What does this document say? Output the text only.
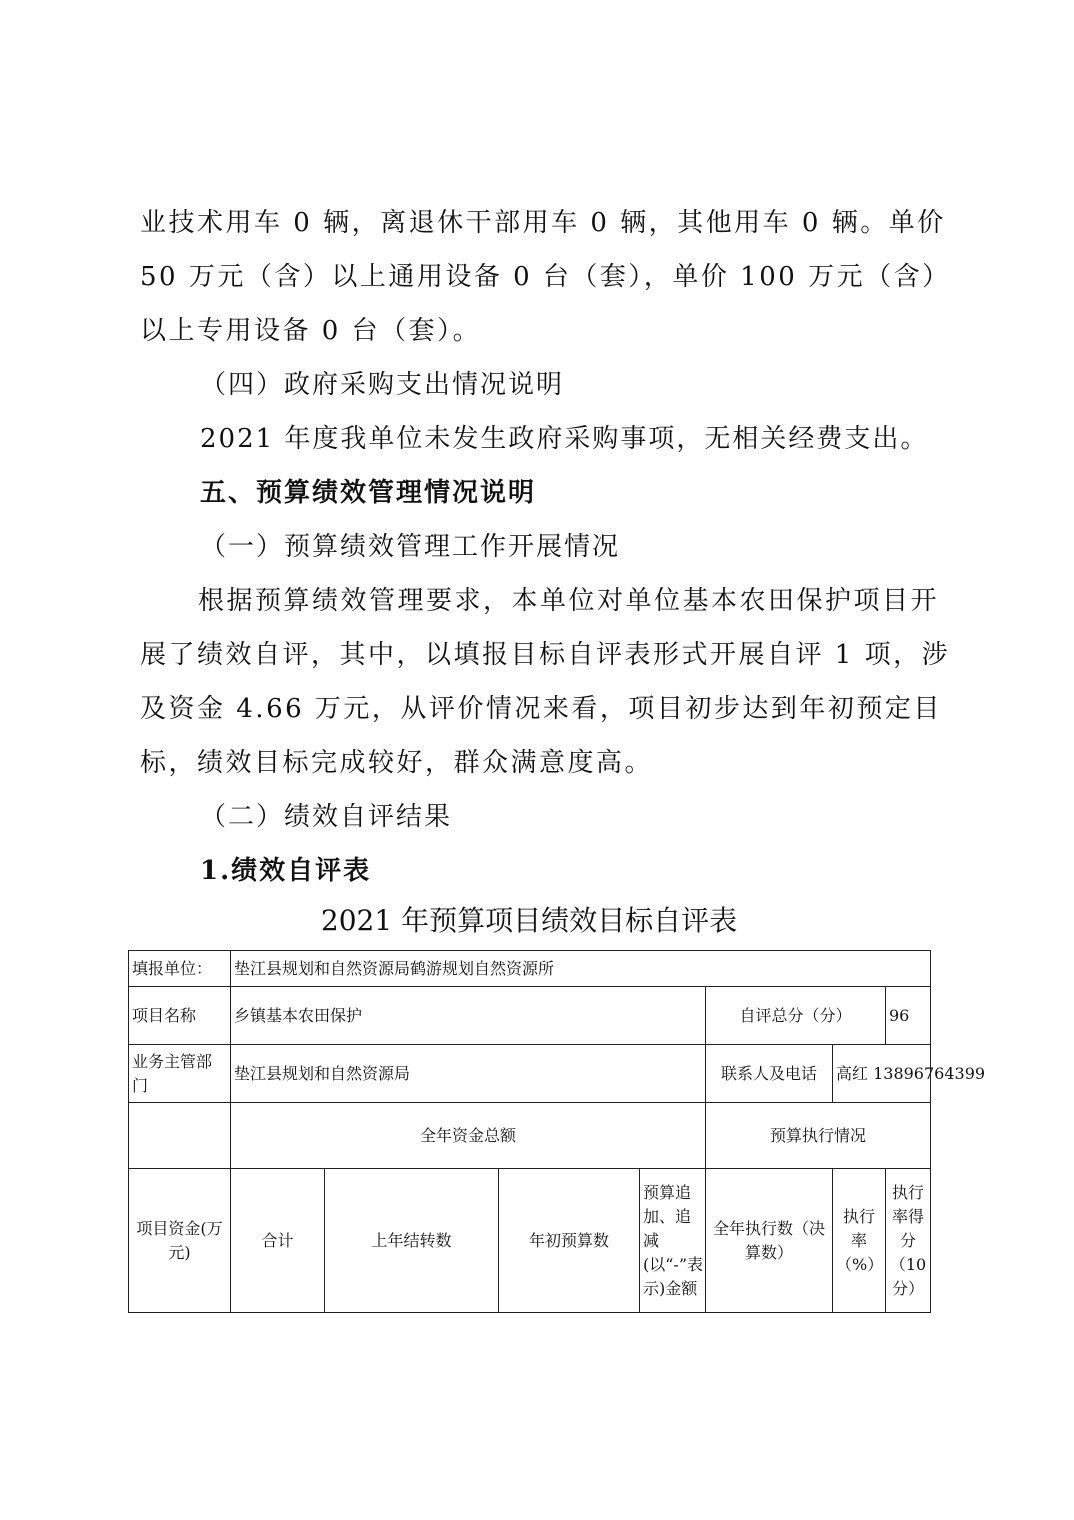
业技术用车 0 辆，离退休干部用车 0 辆，其他用车 0 辆。单价
50 万元（含）以上通用设备 0 台（套），单价 100 万元（含）
以上专用设备 0 台（套）。

（四）政府采购支出情况说明

2021 年度我单位未发生政府采购事项，无相关经费支出。

五、预算绩效管理情况说明

（一）预算绩效管理工作开展情况

根据预算绩效管理要求，本单位对单位基本农田保护项目开
展了绩效自评，其中，以填报目标自评表形式开展自评 1 项，涉
及资金 4.66 万元，从评价情况来看，项目初步达到年初预定目
标，绩效目标完成较好，群众满意度高。

（二）绩效自评结果

1.绩效自评表

2021 年预算项目绩效目标自评表

填报单位：	垫江县规划和自然资源局鹤游规划自然资源所						
项目名称	乡镇基本农田保护				自评总分（分）		96
业务主管部门	垫江县规划和自然资源局				联系人及电话	高红 13896764399	
	全年资金总额				预算执行情况		
项目资金(万元)	合计	上年结转数	年初预算数	预算追加、追减(以“-”表示)金额	全年执行数（决算数）	执行率（%）	执行率得分（10分）
